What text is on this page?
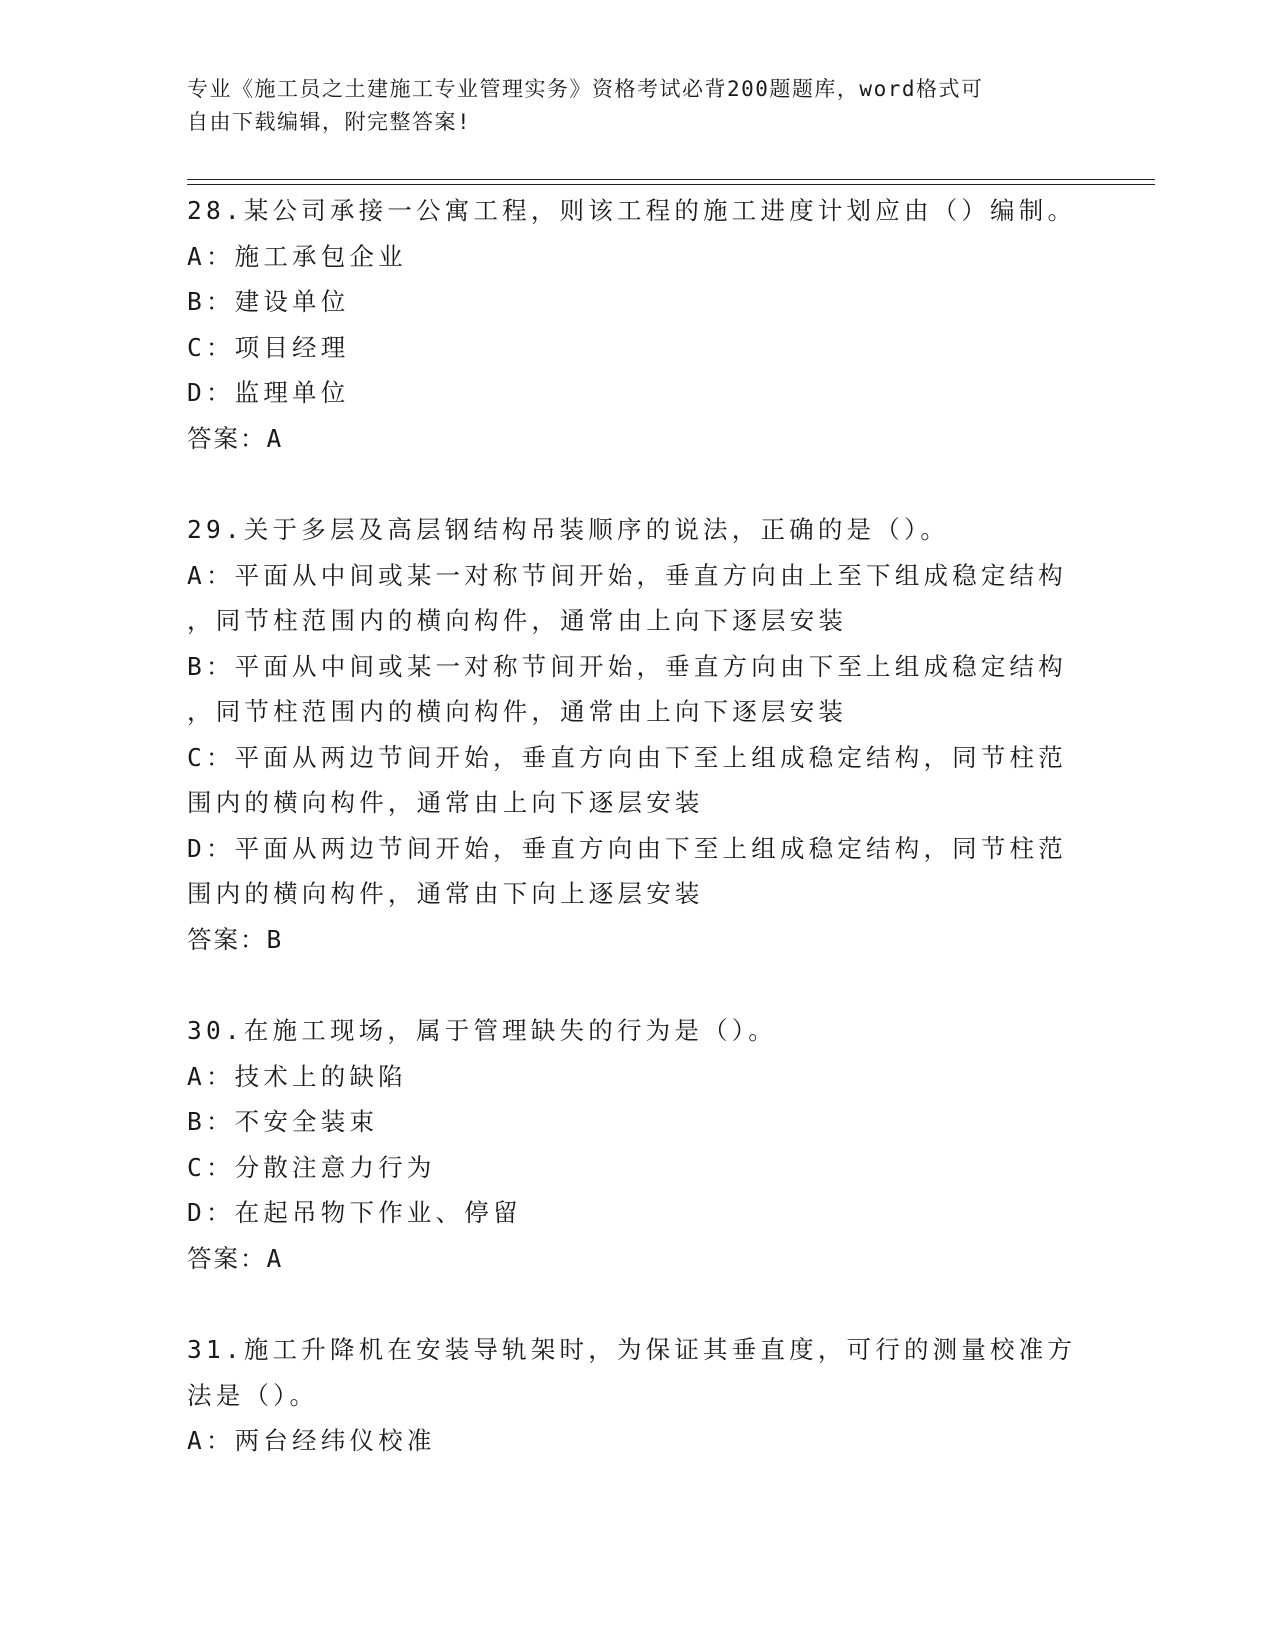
专业《施工员之土建施工专业管理实务》资格考试必背200题题库，word格式可
自由下载编辑，附完整答案!
28.某公司承接一公寓工程，则该工程的施工进度计划应由（）编制。
A：施工承包企业
B：建设单位
C：项目经理
D：监理单位
答案：A
29.关于多层及高层钢结构吊装顺序的说法，正确的是（）。
A：平面从中间或某一对称节间开始，垂直方向由上至下组成稳定结构
，同节柱范围内的横向构件，通常由上向下逐层安装
B：平面从中间或某一对称节间开始，垂直方向由下至上组成稳定结构
，同节柱范围内的横向构件，通常由上向下逐层安装
C：平面从两边节间开始，垂直方向由下至上组成稳定结构，同节柱范
围内的横向构件，通常由上向下逐层安装
D：平面从两边节间开始，垂直方向由下至上组成稳定结构，同节柱范
围内的横向构件，通常由下向上逐层安装
答案：B
30.在施工现场，属于管理缺失的行为是（）。
A：技术上的缺陷
B：不安全装束
C：分散注意力行为
D：在起吊物下作业、停留
答案：A
31.施工升降机在安装导轨架时，为保证其垂直度，可行的测量校准方
法是（）。
A：两台经纬仪校准
